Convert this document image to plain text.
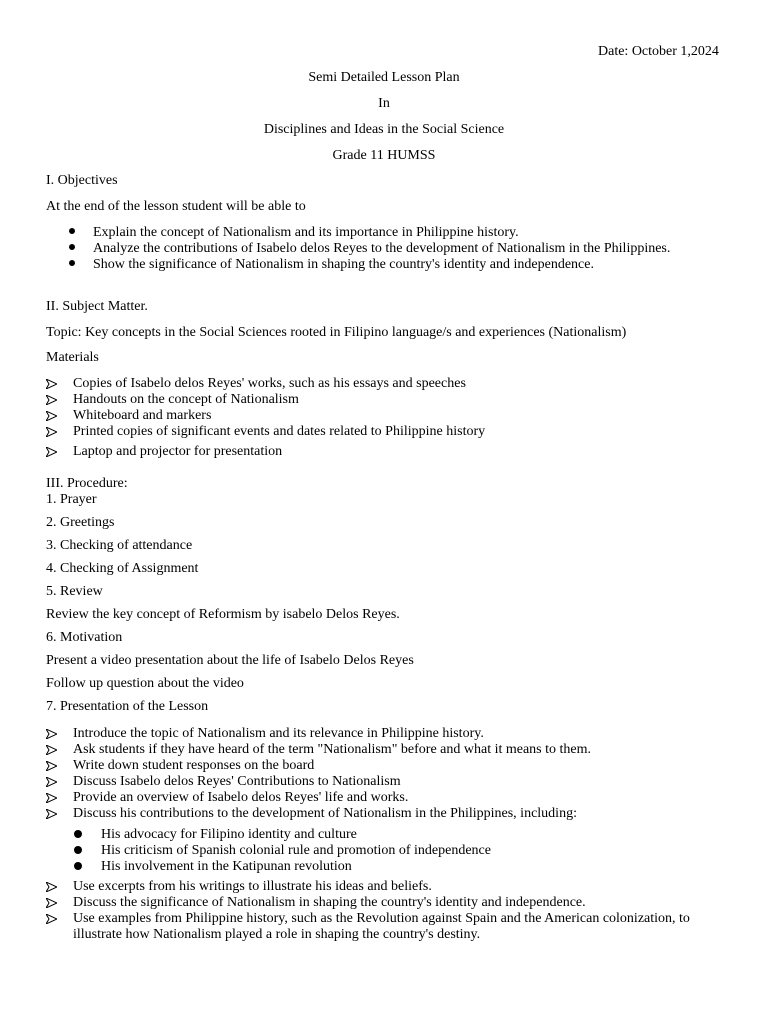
Date: October 1,2024
Semi Detailed Lesson Plan
In
Disciplines and Ideas in the Social Science
Grade 11 HUMSS
I. Objectives
At the end of the lesson student will be able to
Explain the concept of Nationalism and its importance in Philippine history.
Analyze the contributions of Isabelo delos Reyes to the development of Nationalism in the Philippines.
Show the significance of Nationalism in shaping the country's identity and independence.
II. Subject Matter.
Topic: Key concepts in the Social Sciences rooted in Filipino language/s and experiences (Nationalism)
Materials
Copies of Isabelo delos Reyes' works, such as his essays and speeches
Handouts on the concept of Nationalism
Whiteboard and markers
Printed copies of significant events and dates related to Philippine history
Laptop and projector for presentation
III. Procedure:
1. Prayer
2. Greetings
3. Checking of attendance
4. Checking of Assignment
5. Review
Review the key concept of Reformism by isabelo Delos Reyes.
6. Motivation
Present a video presentation about the life of Isabelo Delos Reyes
Follow up question about the video
7. Presentation of the Lesson
Introduce the topic of Nationalism and its relevance in Philippine history.
Ask students if they have heard of the term "Nationalism" before and what it means to them.
Write down student responses on the board
Discuss Isabelo delos Reyes' Contributions to Nationalism
Provide an overview of Isabelo delos Reyes' life and works.
Discuss his contributions to the development of Nationalism in the Philippines, including:
His advocacy for Filipino identity and culture
His criticism of Spanish colonial rule and promotion of independence
His involvement in the Katipunan revolution
Use excerpts from his writings to illustrate his ideas and beliefs.
Discuss the significance of Nationalism in shaping the country's identity and independence.
Use examples from Philippine history, such as the Revolution against Spain and the American colonization, to illustrate how Nationalism played a role in shaping the country's destiny.
